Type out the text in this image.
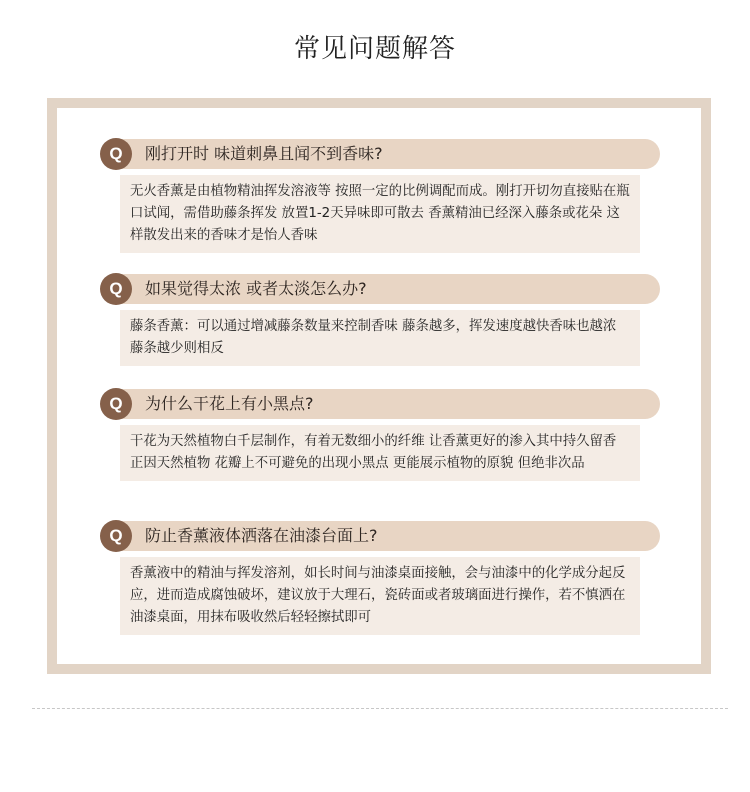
常见问题解答
Q	刚打开时 味道刺鼻且闻不到香味?
无火香薰是由植物精油挥发溶液等 按照一定的比例调配而成。刚打开切勿直接贴在瓶口试闻，需借助藤条挥发 放置1-2天异味即可散去 香薰精油已经深入藤条或花朵 这样散发出来的香味才是怡人香味
Q	如果觉得太浓 或者太淡怎么办?
藤条香薰：可以通过增减藤条数量来控制香味 藤条越多，挥发速度越快香味也越浓 藤条越少则相反
Q	为什么干花上有小黑点?
干花为天然植物白千层制作，有着无数细小的纤维 让香薰更好的渗入其中持久留香 正因天然植物 花瓣上不可避免的出现小黑点 更能展示植物的原貌 但绝非次品
Q	防止香薰液体洒落在油漆台面上?
香薰液中的精油与挥发溶剂，如长时间与油漆桌面接触，会与油漆中的化学成分起反应，进而造成腐蚀破坏，建议放于大理石，瓷砖面或者玻璃面进行操作，若不慎洒在油漆桌面，用抹布吸收然后轻轻擦拭即可
